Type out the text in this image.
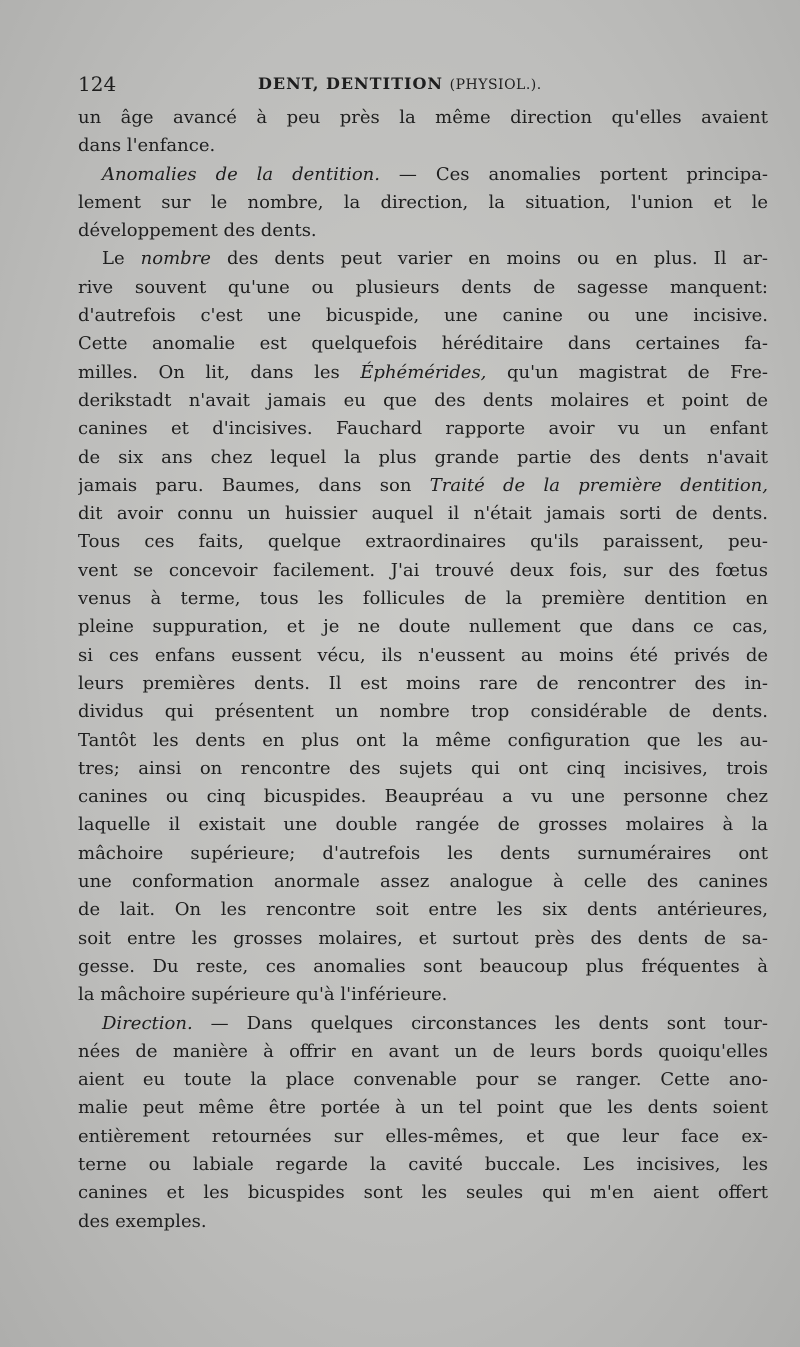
124	DENT, DENTITION (PHYSIOL.).
un âge avancé à peu près la même direction qu'elles avaient
dans l'enfance.
Anomalies de la dentition. — Ces anomalies portent principa-
lement sur le nombre, la direction, la situation, l'union et le
développement des dents.
Le nombre des dents peut varier en moins ou en plus. Il ar-
rive souvent qu'une ou plusieurs dents de sagesse manquent:
d'autrefois c'est une bicuspide, une canine ou une incisive.
Cette anomalie est quelquefois héréditaire dans certaines fa-
milles. On lit, dans les Éphémérides, qu'un magistrat de Fre-
derikstadt n'avait jamais eu que des dents molaires et point de
canines et d'incisives. Fauchard rapporte avoir vu un enfant
de six ans chez lequel la plus grande partie des dents n'avait
jamais paru. Baumes, dans son Traité de la première dentition,
dit avoir connu un huissier auquel il n'était jamais sorti de dents.
Tous ces faits, quelque extraordinaires qu'ils paraissent, peu-
vent se concevoir facilement. J'ai trouvé deux fois, sur des fœtus
venus à terme, tous les follicules de la première dentition en
pleine suppuration, et je ne doute nullement que dans ce cas,
si ces enfans eussent vécu, ils n'eussent au moins été privés de
leurs premières dents. Il est moins rare de rencontrer des in-
dividus qui présentent un nombre trop considérable de dents.
Tantôt les dents en plus ont la même configuration que les au-
tres; ainsi on rencontre des sujets qui ont cinq incisives, trois
canines ou cinq bicuspides. Beaupréau a vu une personne chez
laquelle il existait une double rangée de grosses molaires à la
mâchoire supérieure; d'autrefois les dents surnuméraires ont
une conformation anormale assez analogue à celle des canines
de lait. On les rencontre soit entre les six dents antérieures,
soit entre les grosses molaires, et surtout près des dents de sa-
gesse. Du reste, ces anomalies sont beaucoup plus fréquentes à
la mâchoire supérieure qu'à l'inférieure.
Direction. — Dans quelques circonstances les dents sont tour-
nées de manière à offrir en avant un de leurs bords quoiqu'elles
aient eu toute la place convenable pour se ranger. Cette ano-
malie peut même être portée à un tel point que les dents soient
entièrement retournées sur elles-mêmes, et que leur face ex-
terne ou labiale regarde la cavité buccale. Les incisives, les
canines et les bicuspides sont les seules qui m'en aient offert
des exemples.
